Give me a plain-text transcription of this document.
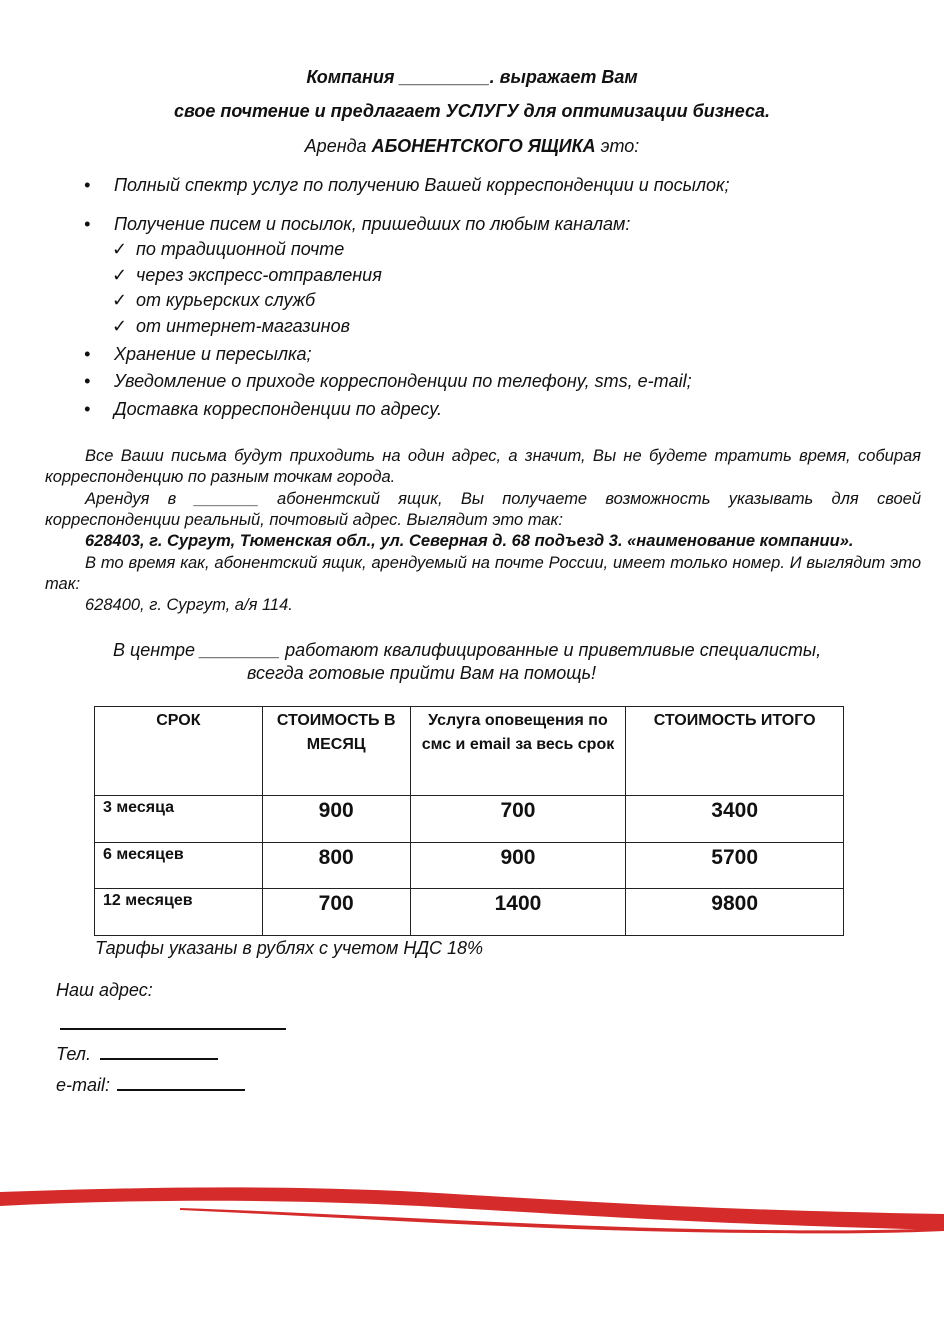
Компания _________. выражает Вам
свое почтение и предлагает УСЛУГУ для оптимизации бизнеса.
Аренда АБОНЕНТСКОГО ЯЩИКА это:
• Полный спектр услуг по получению Вашей корреспонденции и посылок;
• Получение писем и посылок, пришедших по любым каналам:
✓ по традиционной почте
✓ через экспресс-отправления
✓ от курьерских служб
✓ от интернет-магазинов
• Хранение и пересылка;
• Уведомление о приходе корреспонденции по телефону, sms, e-mail;
• Доставка корреспонденции по адресу.
Все Ваши письма будут приходить на один адрес, а значит, Вы не будете тратить время, собирая корреспонденцию по разным точкам города.
Арендуя в _______ абонентский ящик, Вы получаете возможность указывать для своей корреспонденции реальный, почтовый адрес. Выглядит это так:
628403, г. Сургут, Тюменская обл., ул. Северная д. 68 подъезд 3. «наименование компании».
В то время как, абонентский ящик, арендуемый на почте России, имеет только номер. И выглядит это так:
628400, г. Сургут, а/я 114.
В центре ________ работают квалифицированные и приветливые специалисты,
всегда готовые прийти Вам на помощь!
СРОК	СТОИМОСТЬ В МЕСЯЦ	Услуга оповещения по смс и email за весь срок	СТОИМОСТЬ ИТОГО
3 месяца	900	700	3400
6 месяцев	800	900	5700
12 месяцев	700	1400	9800
Тарифы указаны в рублях с учетом НДС 18%
Наш адрес:
Тел.
e-mail:
